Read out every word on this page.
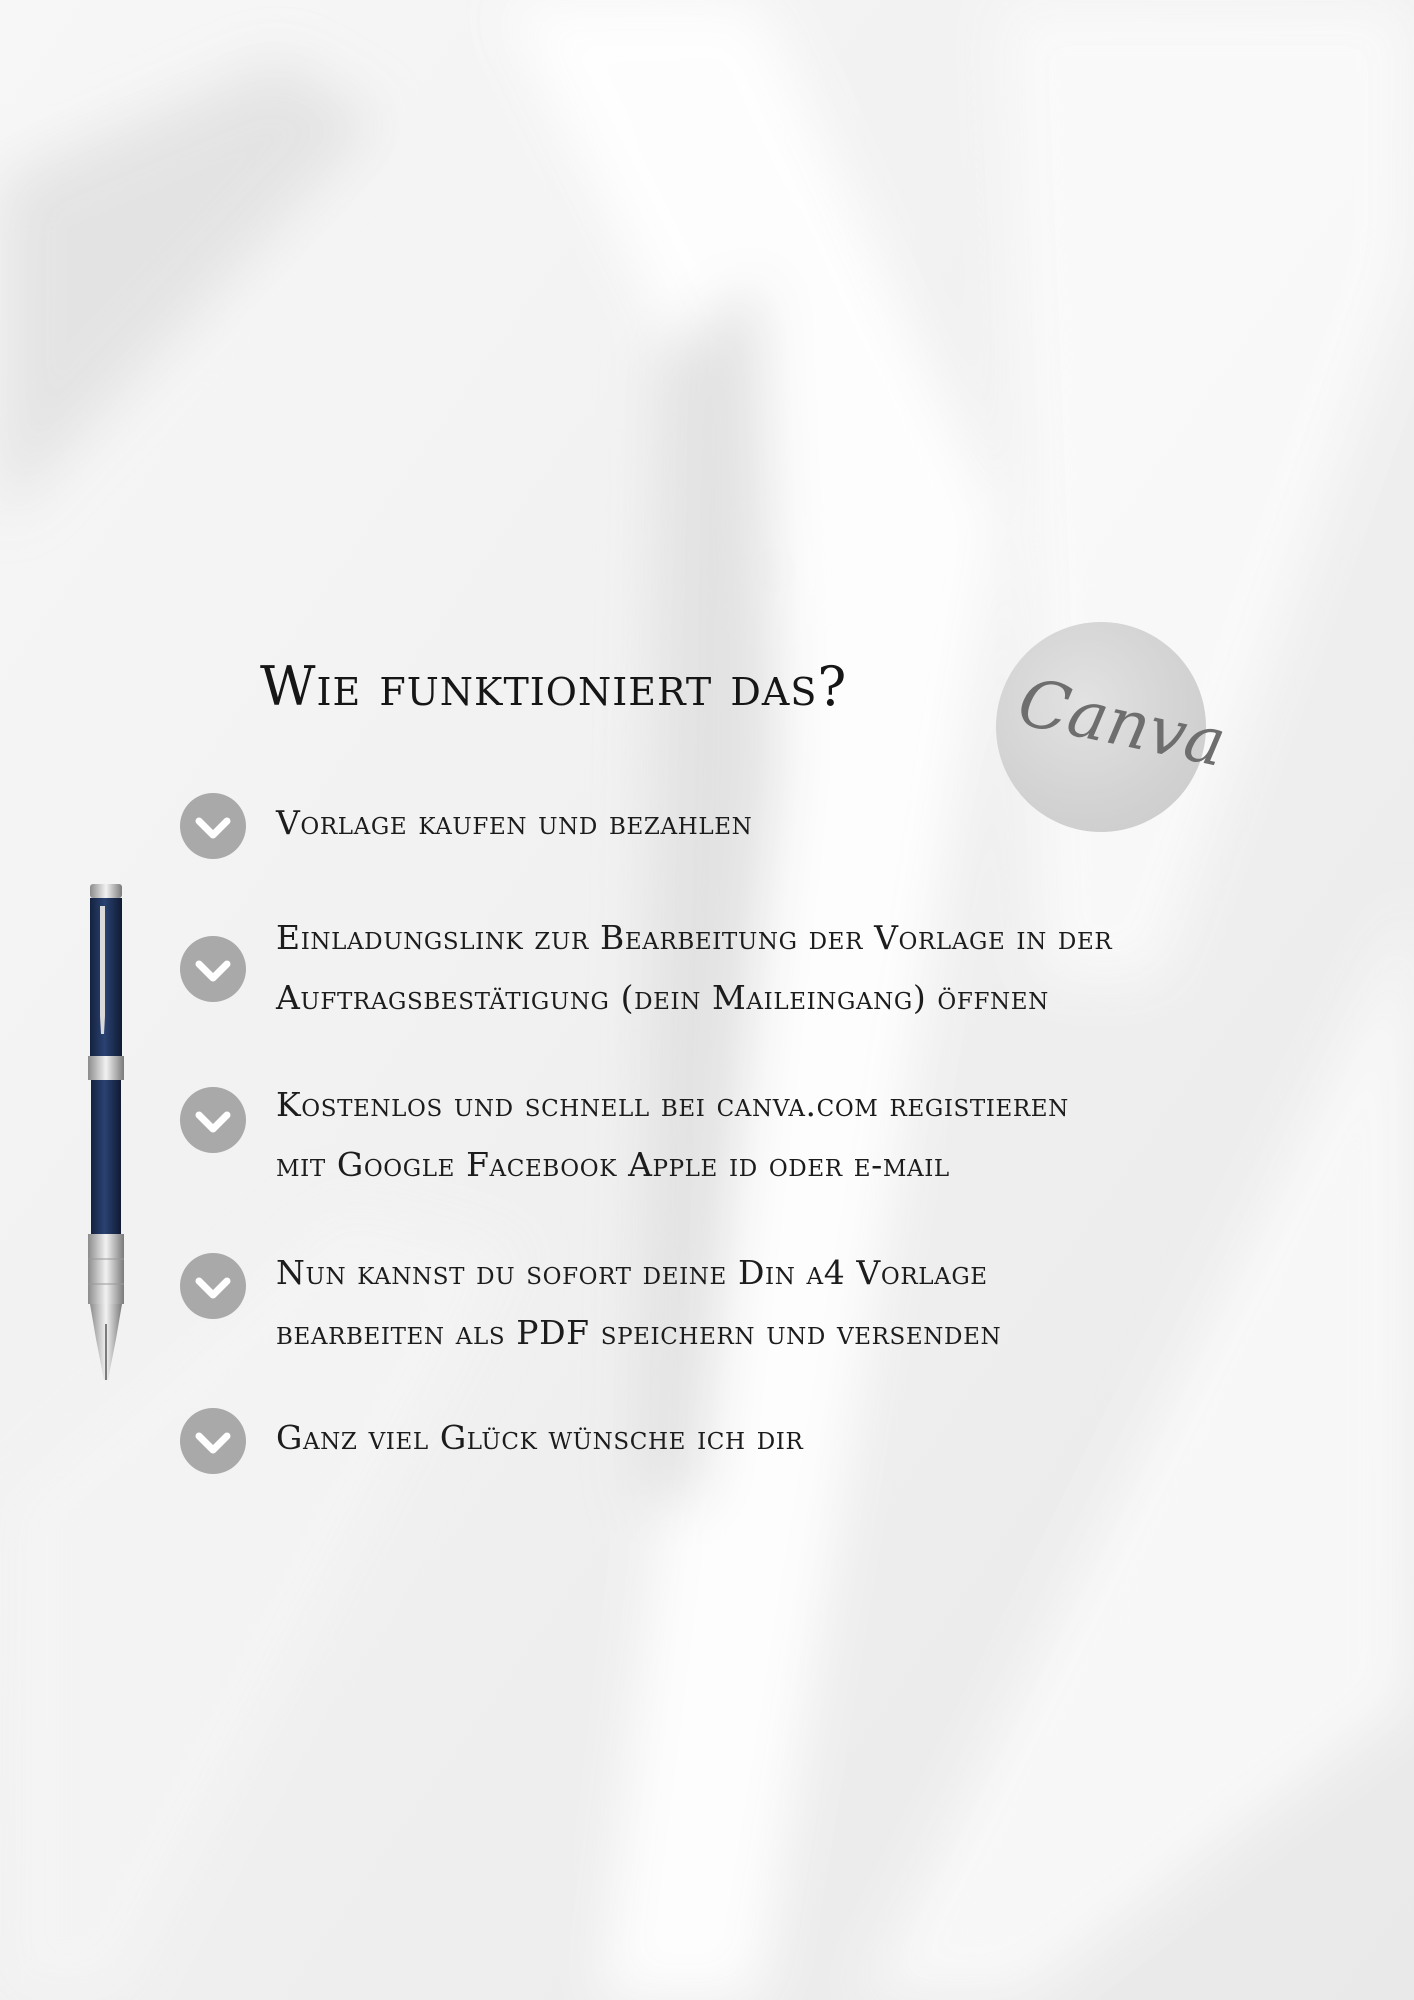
Wie funktioniert das? Canva
Vorlage kaufen und bezahlen
Einladungslink zur Bearbeitung der Vorlage in der
Auftragsbestätigung (dein Maileingang) öffnen
Kostenlos und schnell bei canva.com registieren
mit Google Facebook Apple id oder e-mail
Nun kannst du sofort deine Din a4 Vorlage
bearbeiten als PDF speichern und versenden
Ganz viel Glück wünsche ich dir
